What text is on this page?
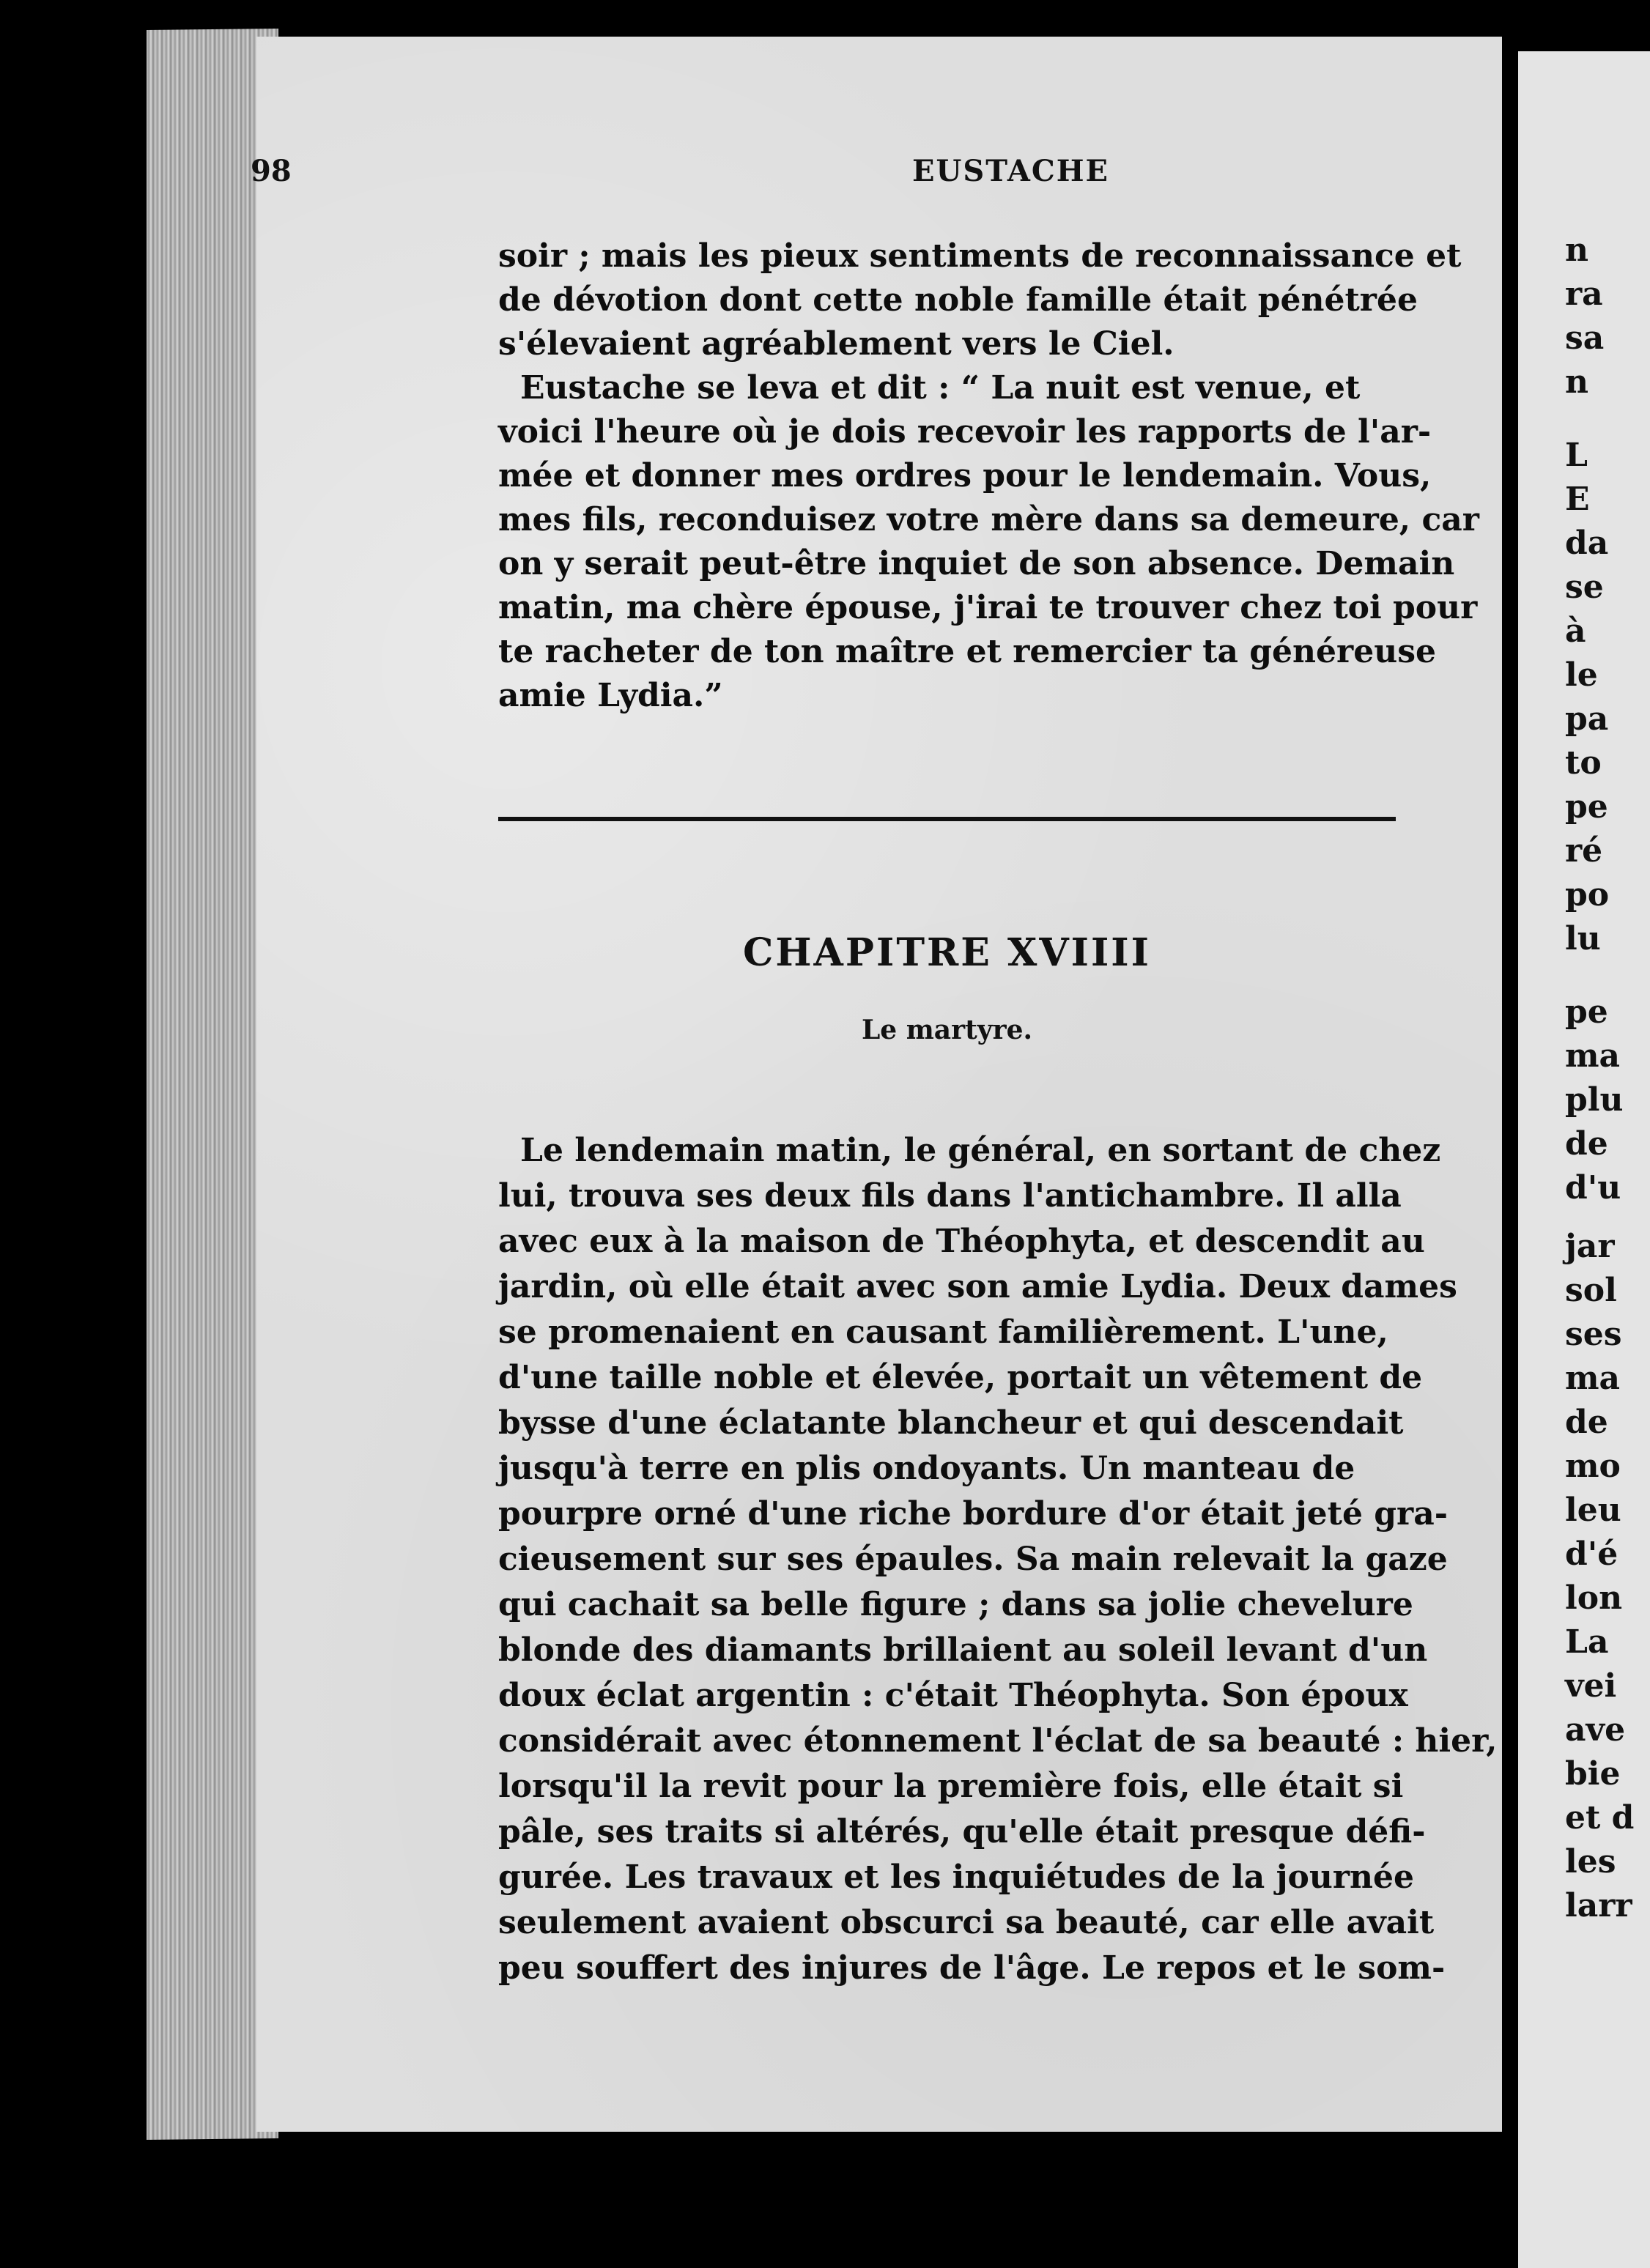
98	EUSTACHE
soir ; mais les pieux sentiments de reconnaissance et
de dévotion dont cette noble famille était pénétrée
s'élevaient agréablement vers le Ciel.
Eustache se leva et dit : “ La nuit est venue, et
voici l'heure où je dois recevoir les rapports de l'ar-
mée et donner mes ordres pour le lendemain. Vous,
mes fils, reconduisez votre mère dans sa demeure, car
on y serait peut-être inquiet de son absence. Demain
matin, ma chère épouse, j'irai te trouver chez toi pour
te racheter de ton maître et remercier ta généreuse
amie Lydia.”
CHAPITRE XVIIII
Le martyre.
Le lendemain matin, le général, en sortant de chez
lui, trouva ses deux fils dans l'antichambre. Il alla
avec eux à la maison de Théophyta, et descendit au
jardin, où elle était avec son amie Lydia. Deux dames
se promenaient en causant familièrement. L'une,
d'une taille noble et élevée, portait un vêtement de
bysse d'une éclatante blancheur et qui descendait
jusqu'à terre en plis ondoyants. Un manteau de
pourpre orné d'une riche bordure d'or était jeté gra-
cieusement sur ses épaules. Sa main relevait la gaze
qui cachait sa belle figure ; dans sa jolie chevelure
blonde des diamants brillaient au soleil levant d'un
doux éclat argentin : c'était Théophyta. Son époux
considérait avec étonnement l'éclat de sa beauté : hier,
lorsqu'il la revit pour la première fois, elle était si
pâle, ses traits si altérés, qu'elle était presque défi-
gurée. Les travaux et les inquiétudes de la journée
seulement avaient obscurci sa beauté, car elle avait
peu souffert des injures de l'âge. Le repos et le som-
n
ra
sa
n
L
E
da
se
à
le
pa
to
pe
ré
po
lu
pe
ma
plu
de
d'u
jar
sol
ses
ma
de
mo
leu
d'é
lon
La
vei
ave
bie
et d
les
larr
